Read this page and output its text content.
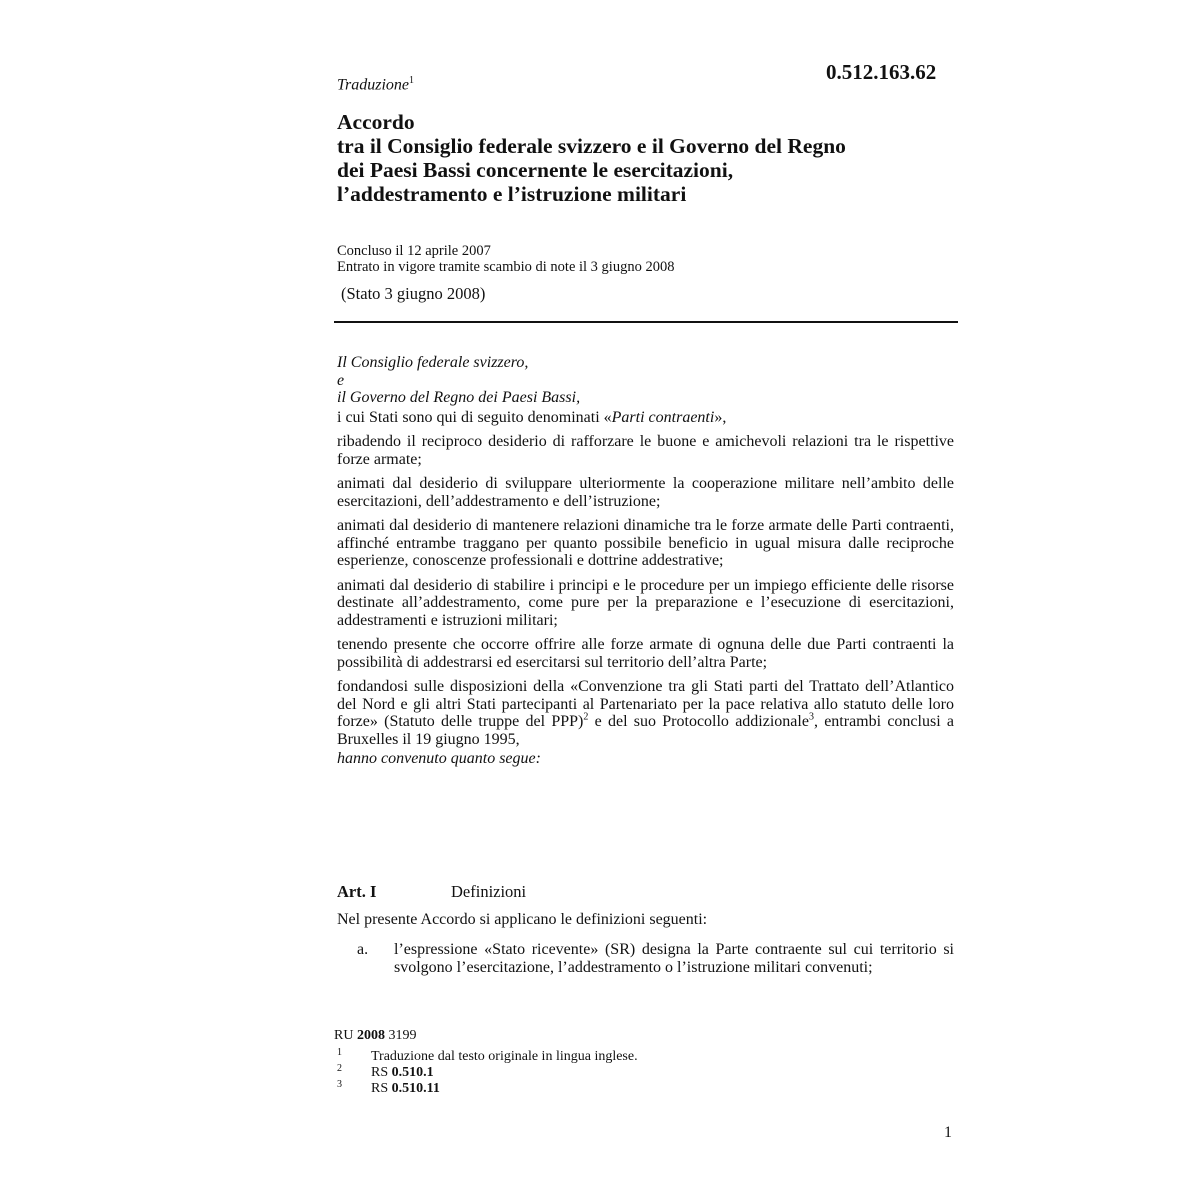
0.512.163.62
Traduzione$^1$
Accordo
tra il Consiglio federale svizzero e il Governo del Regno
dei Paesi Bassi concernente le esercitazioni,
l’addestramento e l’istruzione militari
Concluso il 12 aprile 2007
Entrato in vigore tramite scambio di note il 3 giugno 2008
(Stato 3 giugno 2008)

Il Consiglio federale svizzero,

e

il Governo del Regno dei Paesi Bassi,

i cui Stati sono qui di seguito denominati «Parti contraenti»,

ribadendo il reciproco desiderio di rafforzare le buone e amichevoli relazioni tra le rispettive forze armate;

animati dal desiderio di sviluppare ulteriormente la cooperazione militare nell’ambito delle esercitazioni, dell’addestramento e dell’istruzione;

animati dal desiderio di mantenere relazioni dinamiche tra le forze armate delle Parti contraenti, affinché entrambe traggano per quanto possibile beneficio in ugual misura dalle reciproche esperienze, conoscenze professionali e dottrine addestrative;

animati dal desiderio di stabilire i principi e le procedure per un impiego efficiente delle risorse destinate all’addestramento, come pure per la preparazione e l’esecuzione di esercitazioni, addestramenti e istruzioni militari;

tenendo presente che occorre offrire alle forze armate di ognuna delle due Parti contraenti la possibilità di addestrarsi ed esercitarsi sul territorio dell’altra Parte;

fondandosi sulle disposizioni della «Convenzione tra gli Stati parti del Trattato dell’Atlantico del Nord e gli altri Stati partecipanti al Partenariato per la pace relativa allo statuto delle loro forze» (Statuto delle truppe del PPP)$^2$ e del suo Protocollo addizionale$^3$, entrambi conclusi a Bruxelles il 19 giugno 1995,

hanno convenuto quanto segue:

Art. I	Definizioni
Nel presente Accordo si applicano le definizioni seguenti:
a.	l’espressione «Stato ricevente» (SR) designa la Parte contraente sul cui territorio si svolgono l’esercitazione, l’addestramento o l’istruzione militari convenuti;
RU 2008 3199
1	Traduzione dal testo originale in lingua inglese.
2	RS 0.510.1
3	RS 0.510.11
1
